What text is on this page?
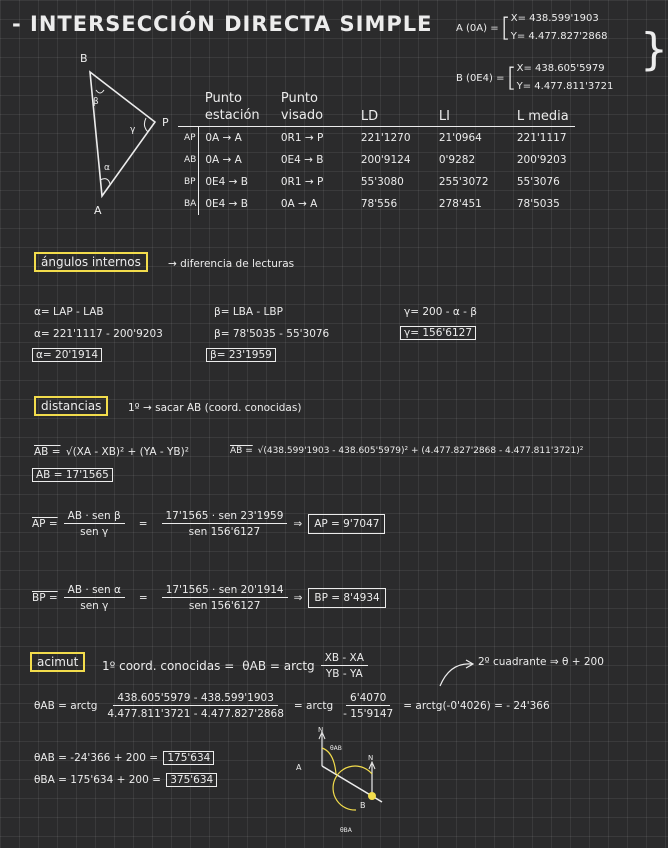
- INTERSECCIÓN DIRECTA SIMPLE A (0A) = [ X= 438.599'1903
Y= 4.477.827'2868
B (0E4) = [ X= 438.605'5979
Y= 4.477.811'3721
}
B
A
P
β
γ
α
	Punto estación	Punto visado	LD	LI	L media
AP	0A → A	0R1 → P	221'1270	21'0964	221'1117
AB	0A → A	0E4 → B	200'9124	0'9282	200'9203
BP	0E4 → B	0R1 → P	55'3080	255'3072	55'3076
BA	0E4 → B	0A → A	78'556	278'451	78'5035
ángulos internos	→ diferencia de lecturas
α= LAP - LAB
α= 221'1117 - 200'9203
α= 20'1914
β= LBA - LBP
β= 78'5035 - 55'3076
β= 23'1959
γ= 200 - α - β
γ= 156'6127
distancias	1º → sacar AB (coord. conocidas)
AB = √(XA - XB)² + (YA - YB)²	AB = √(438.599'1903 - 438.605'5979)² + (4.477.827'2868 - 4.477.811'3721)²
AB = 17'1565
AP = $\frac{\text{AB · sen β}}{\text{sen γ}} = \frac{\text{17'1565 · sen 23'1959}}{\text{sen 156'6127}}$ ⇒	AP = 9'7047
BP = $\frac{\text{AB · sen α}}{\text{sen γ}} = \frac{\text{17'1565 · sen 20'1914}}{\text{sen 156'6127}}$ ⇒	BP = 8'4934
acimut	1º coord. conocidas = θAB = arctg $\frac{XB - XA}{YB - YA}$	2º cuadrante ⇒ θ + 200
θAB = arctg $\frac{438.605'5979 - 438.599'1903}{4.477.811'3721 - 4.477.827'2868}$ = arctg $\frac{6'4070}{- 15'9147}$ = arctg(-0'4026) = - 24'366
θAB = -24'366 + 200 = 175'634
θBA = 175'634 + 200 = 375'634
N
N
A
B
θAB
θBA
